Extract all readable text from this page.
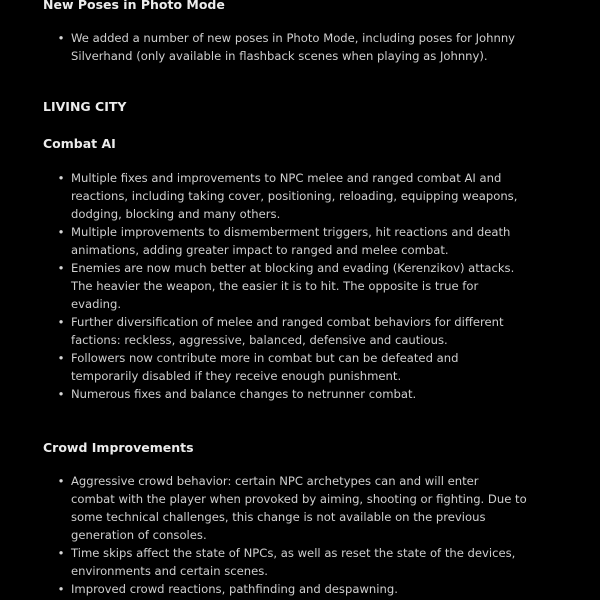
New Poses in Photo Mode
• We added a number of new poses in Photo Mode, including poses for Johnny
Silverhand (only available in flashback scenes when playing as Johnny).
LIVING CITY
Combat AI
• Multiple fixes and improvements to NPC melee and ranged combat AI and
reactions, including taking cover, positioning, reloading, equipping weapons,
dodging, blocking and many others.
• Multiple improvements to dismemberment triggers, hit reactions and death
animations, adding greater impact to ranged and melee combat.
• Enemies are now much better at blocking and evading (Kerenzikov) attacks.
The heavier the weapon, the easier it is to hit. The opposite is true for
evading.
• Further diversification of melee and ranged combat behaviors for different
factions: reckless, aggressive, balanced, defensive and cautious.
• Followers now contribute more in combat but can be defeated and
temporarily disabled if they receive enough punishment.
• Numerous fixes and balance changes to netrunner combat.
Crowd Improvements
• Aggressive crowd behavior: certain NPC archetypes can and will enter
combat with the player when provoked by aiming, shooting or fighting. Due to
some technical challenges, this change is not available on the previous
generation of consoles.
• Time skips affect the state of NPCs, as well as reset the state of the devices,
environments and certain scenes.
• Improved crowd reactions, pathfinding and despawning.
